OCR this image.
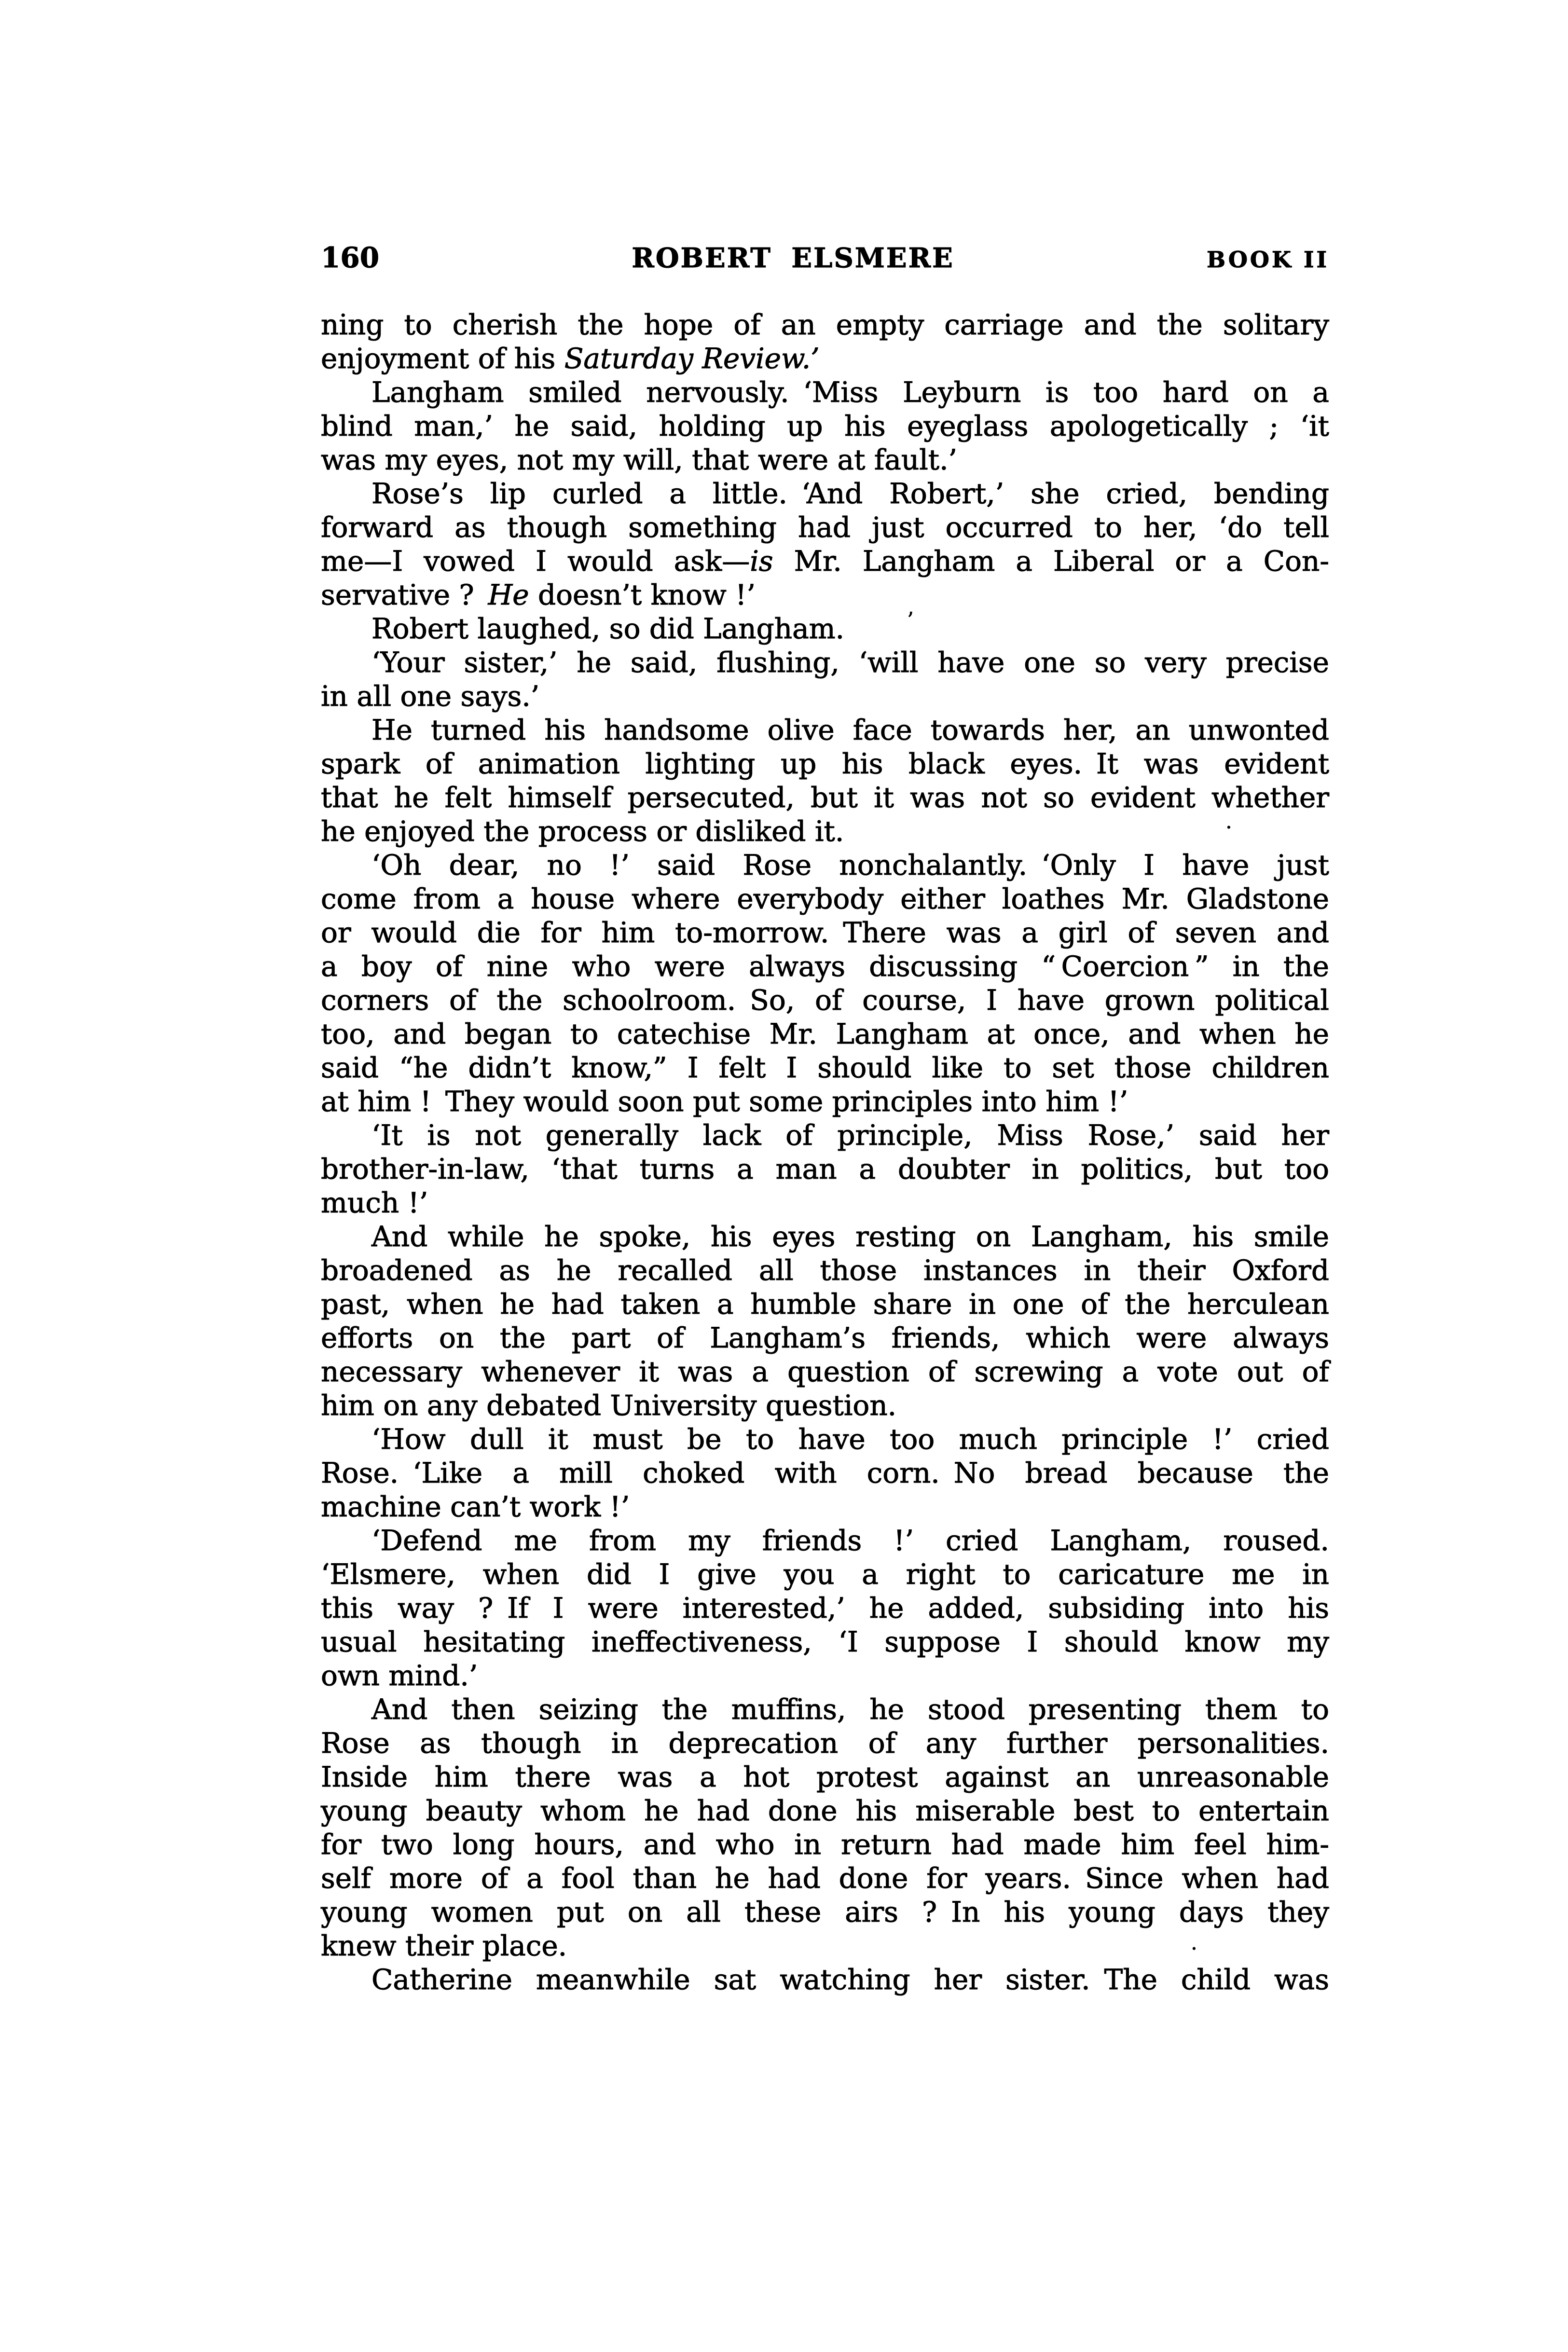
160	ROBERT ELSMERE	BOOK II
ning to cherish the hope of an empty carriage and the solitary
enjoyment of his Saturday Review.’
Langham smiled nervously. ‘Miss Leyburn is too hard on a
blind man,’ he said, holding up his eyeglass apologetically ; ‘it
was my eyes, not my will, that were at fault.’
Rose’s lip curled a little. ‘And Robert,’ she cried, bending
forward as though something had just occurred to her, ‘do tell
me—I vowed I would ask—is Mr. Langham a Liberal or a Con-
servative ? He doesn’t know !’
Robert laughed, so did Langham.
‘Your sister,’ he said, flushing, ‘will have one so very precise
in all one says.’
He turned his handsome olive face towards her, an unwonted
spark of animation lighting up his black eyes. It was evident
that he felt himself persecuted, but it was not so evident whether
he enjoyed the process or disliked it.
‘Oh dear, no !’ said Rose nonchalantly. ‘Only I have just
come from a house where everybody either loathes Mr. Gladstone
or would die for him to-morrow. There was a girl of seven and
a boy of nine who were always discussing “ Coercion ” in the
corners of the schoolroom. So, of course, I have grown political
too, and began to catechise Mr. Langham at once, and when he
said “he didn’t know,” I felt I should like to set those children
at him ! They would soon put some principles into him !’
‘It is not generally lack of principle, Miss Rose,’ said her
brother-in-law, ‘that turns a man a doubter in politics, but too
much !’
And while he spoke, his eyes resting on Langham, his smile
broadened as he recalled all those instances in their Oxford
past, when he had taken a humble share in one of the herculean
efforts on the part of Langham’s friends, which were always
necessary whenever it was a question of screwing a vote out of
him on any debated University question.
‘How dull it must be to have too much principle !’ cried
Rose. ‘Like a mill choked with corn. No bread because the
machine can’t work !’
‘Defend me from my friends !’ cried Langham, roused.
‘Elsmere, when did I give you a right to caricature me in
this way ? If I were interested,’ he added, subsiding into his
usual hesitating ineffectiveness, ‘I suppose I should know my
own mind.’
And then seizing the muffins, he stood presenting them to
Rose as though in deprecation of any further personalities.
Inside him there was a hot protest against an unreasonable
young beauty whom he had done his miserable best to entertain
for two long hours, and who in return had made him feel him-
self more of a fool than he had done for years. Since when had
young women put on all these airs ? In his young days they
knew their place.
Catherine meanwhile sat watching her sister. The child was
’
·
·
